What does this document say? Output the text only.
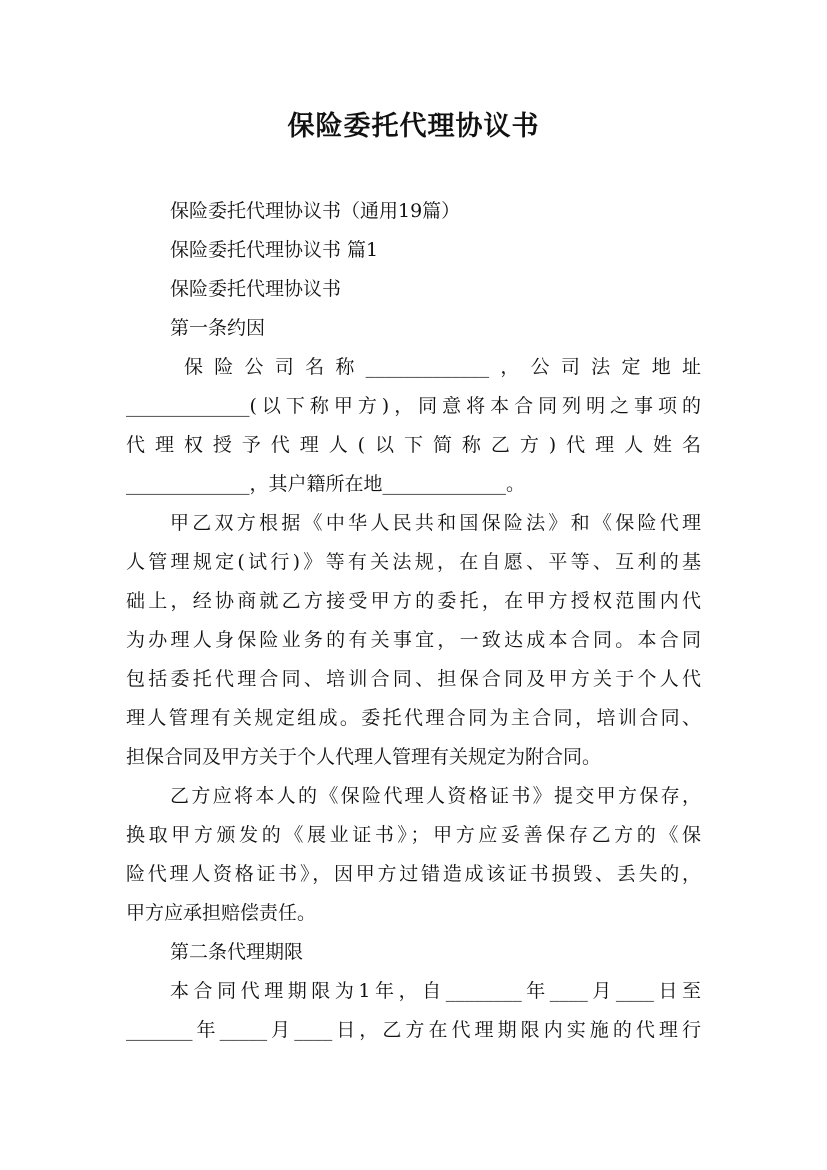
保险委托代理协议书
保险委托代理协议书（通用19篇）
保险委托代理协议书 篇1
保险委托代理协议书
第一条约因
保险公司名称_____________，公司法定地址
_____________(以下称甲方)，同意将本合同列明之事项的
代理权授予代理人(以下简称乙方)代理人姓名
_____________，其户籍所在地_____________。
甲乙双方根据《中华人民共和国保险法》和《保险代理
人管理规定(试行)》等有关法规，在自愿、平等、互利的基
础上，经协商就乙方接受甲方的委托，在甲方授权范围内代
为办理人身保险业务的有关事宜，一致达成本合同。本合同
包括委托代理合同、培训合同、担保合同及甲方关于个人代
理人管理有关规定组成。委托代理合同为主合同，培训合同、
担保合同及甲方关于个人代理人管理有关规定为附合同。
乙方应将本人的《保险代理人资格证书》提交甲方保存，
换取甲方颁发的《展业证书》；甲方应妥善保存乙方的《保
险代理人资格证书》，因甲方过错造成该证书损毁、丢失的，
甲方应承担赔偿责任。
第二条代理期限
本合同代理期限为1年，自________年____月____日至
_______年_____月____日，乙方在代理期限内实施的代理行
